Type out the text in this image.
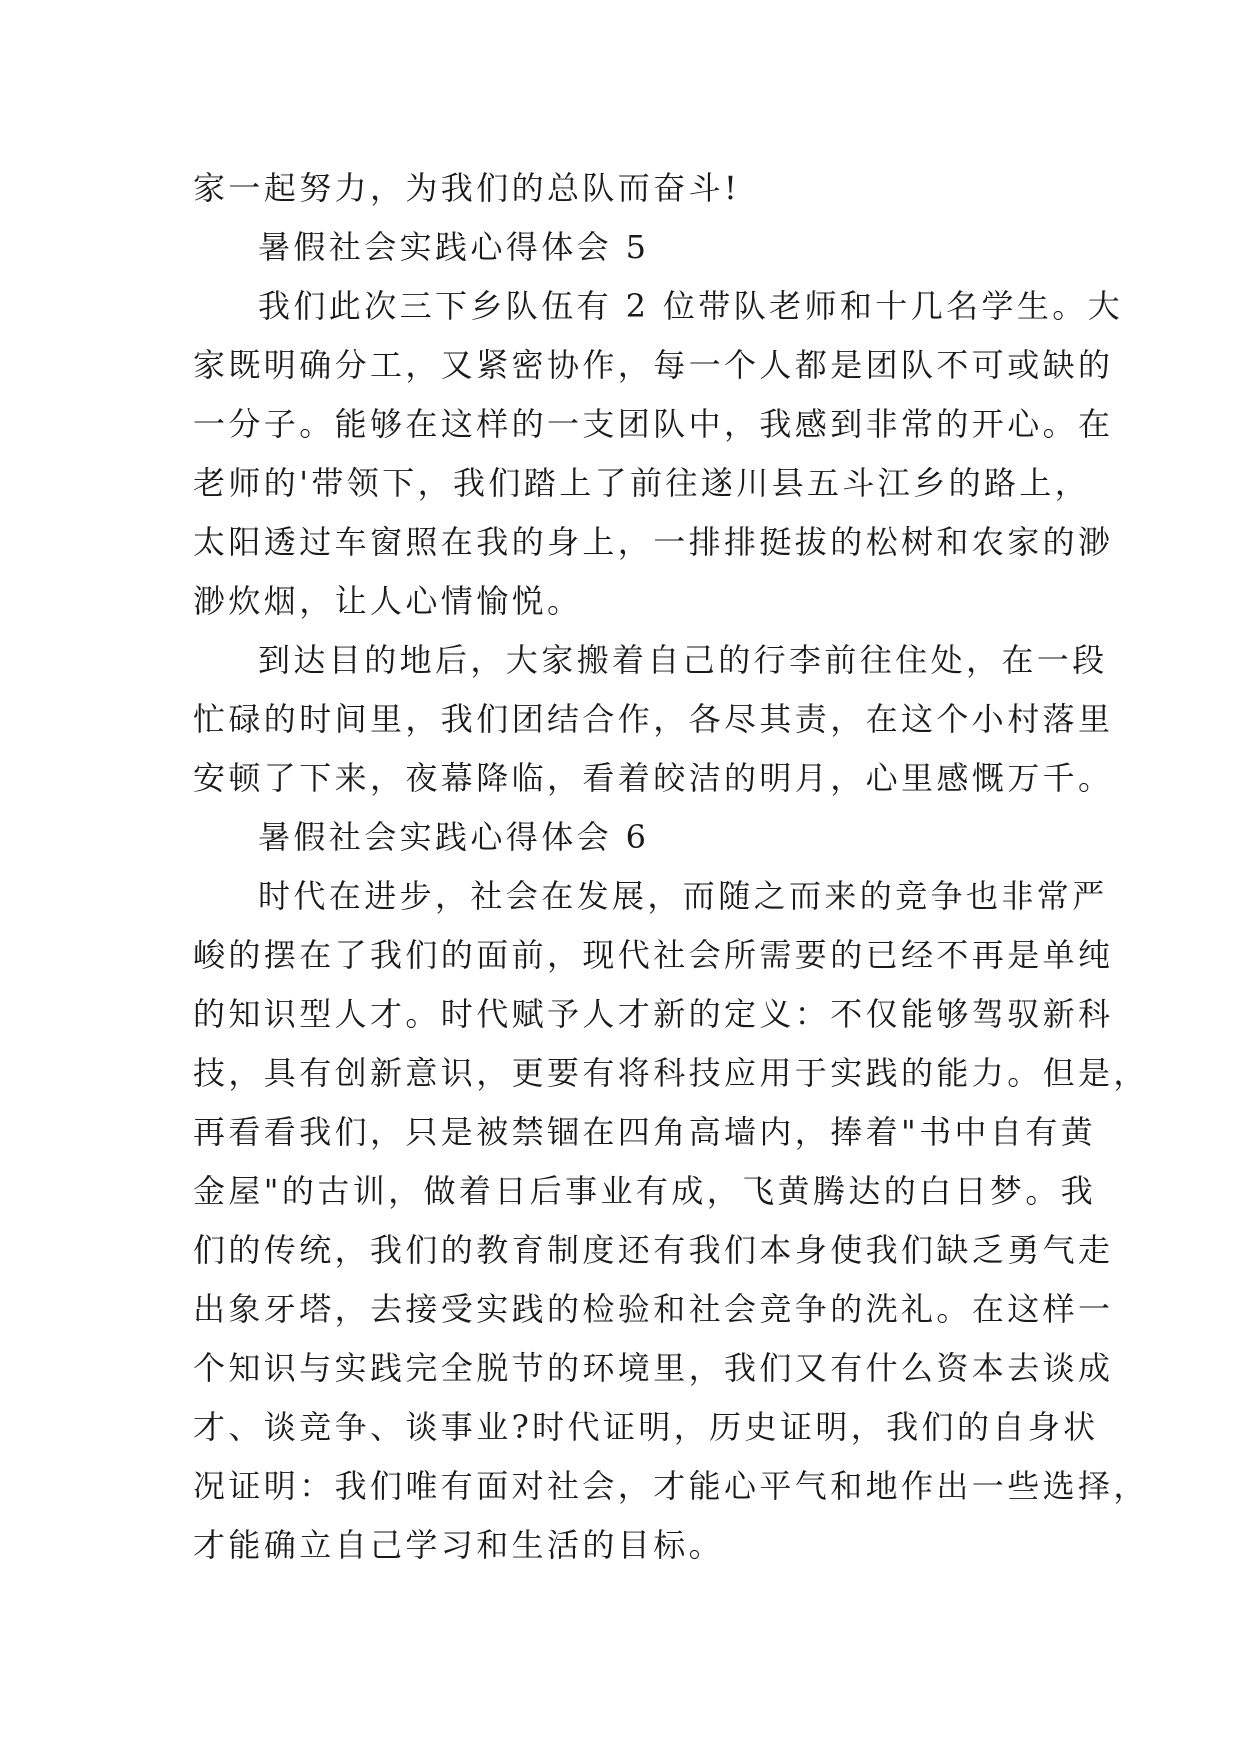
家一起努力，为我们的总队而奋斗!
暑假社会实践心得体会 5
我们此次三下乡队伍有 2 位带队老师和十几名学生。大
家既明确分工，又紧密协作，每一个人都是团队不可或缺的
一分子。能够在这样的一支团队中，我感到非常的开心。在
老师的'带领下，我们踏上了前往遂川县五斗江乡的路上，
太阳透过车窗照在我的身上，一排排挺拔的松树和农家的渺
渺炊烟，让人心情愉悦。
到达目的地后，大家搬着自己的行李前往住处，在一段
忙碌的时间里，我们团结合作，各尽其责，在这个小村落里
安顿了下来，夜幕降临，看着皎洁的明月，心里感慨万千。
暑假社会实践心得体会 6
时代在进步，社会在发展，而随之而来的竞争也非常严
峻的摆在了我们的面前，现代社会所需要的已经不再是单纯
的知识型人才。时代赋予人才新的定义：不仅能够驾驭新科
技，具有创新意识，更要有将科技应用于实践的能力。但是，
再看看我们，只是被禁锢在四角高墙内，捧着"书中自有黄
金屋"的古训，做着日后事业有成，飞黄腾达的白日梦。我
们的传统，我们的教育制度还有我们本身使我们缺乏勇气走
出象牙塔，去接受实践的检验和社会竞争的洗礼。在这样一
个知识与实践完全脱节的环境里，我们又有什么资本去谈成
才、谈竞争、谈事业?时代证明，历史证明，我们的自身状
况证明：我们唯有面对社会，才能心平气和地作出一些选择，
才能确立自己学习和生活的目标。
